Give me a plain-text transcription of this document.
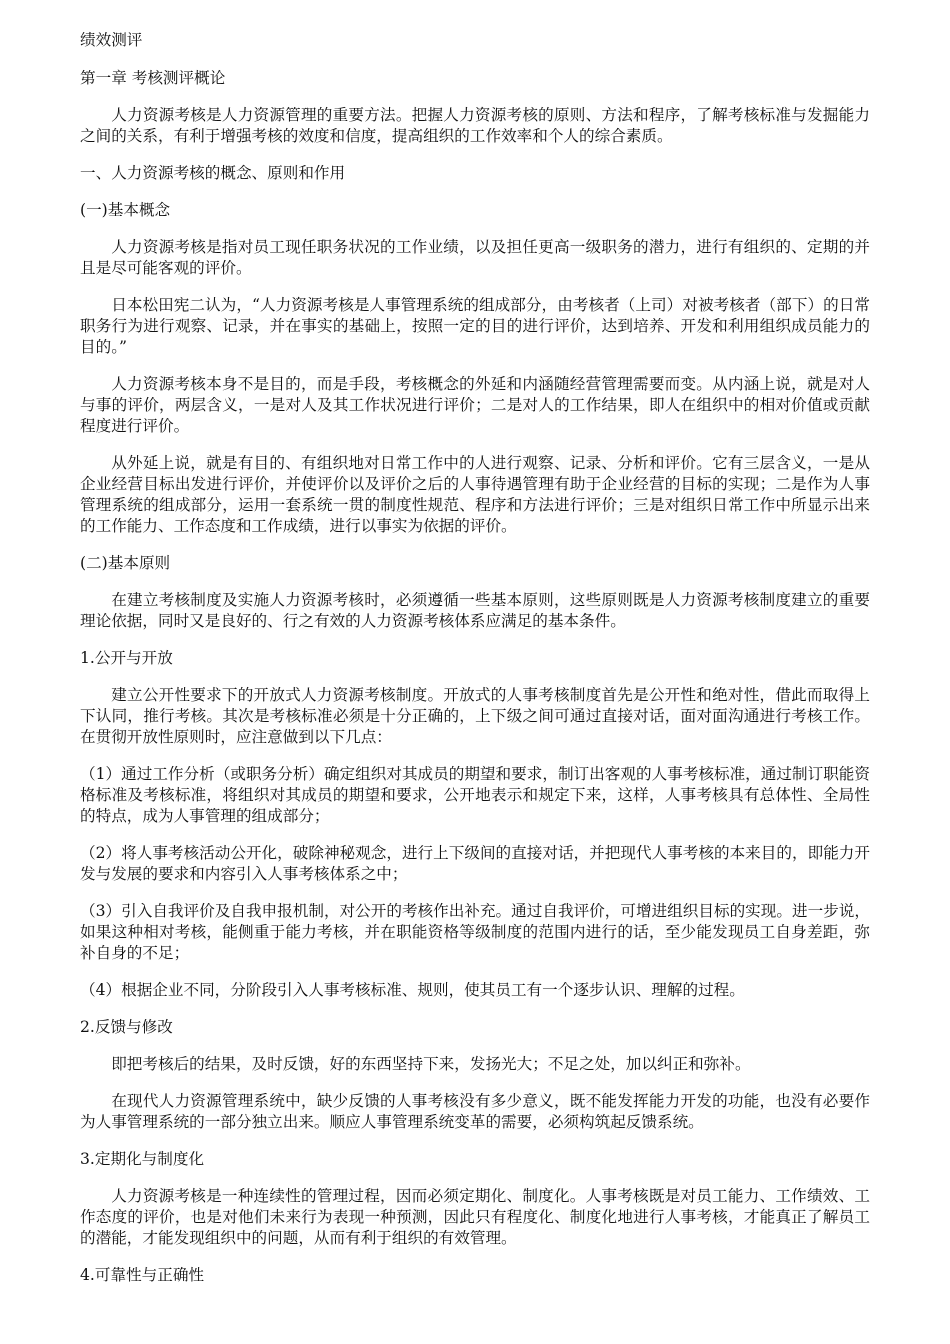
绩效测评
第一章 考核测评概论

人力资源考核是人力资源管理的重要方法。把握人力资源考核的原则、方法和程序，了解考核标准与发掘能力之间的关系，有利于增强考核的效度和信度，提高组织的工作效率和个人的综合素质。

一、人力资源考核的概念、原则和作用
(一)基本概念

人力资源考核是指对员工现任职务状况的工作业绩，以及担任更高一级职务的潜力，进行有组织的、定期的并且是尽可能客观的评价。

日本松田宪二认为，“人力资源考核是人事管理系统的组成部分，由考核者（上司）对被考核者（部下）的日常职务行为进行观察、记录，并在事实的基础上，按照一定的目的进行评价，达到培养、开发和利用组织成员能力的目的。”

人力资源考核本身不是目的，而是手段，考核概念的外延和内涵随经营管理需要而变。从内涵上说，就是对人与事的评价，两层含义，一是对人及其工作状况进行评价；二是对人的工作结果，即人在组织中的相对价值或贡献程度进行评价。

从外延上说，就是有目的、有组织地对日常工作中的人进行观察、记录、分析和评价。它有三层含义，一是从企业经营目标出发进行评价，并使评价以及评价之后的人事待遇管理有助于企业经营的目标的实现；二是作为人事管理系统的组成部分，运用一套系统一贯的制度性规范、程序和方法进行评价；三是对组织日常工作中所显示出来的工作能力、工作态度和工作成绩，进行以事实为依据的评价。

(二)基本原则

在建立考核制度及实施人力资源考核时，必须遵循一些基本原则，这些原则既是人力资源考核制度建立的重要理论依据，同时又是良好的、行之有效的人力资源考核体系应满足的基本条件。

1.公开与开放

建立公开性要求下的开放式人力资源考核制度。开放式的人事考核制度首先是公开性和绝对性，借此而取得上下认同，推行考核。其次是考核标准必须是十分正确的，上下级之间可通过直接对话，面对面沟通进行考核工作。在贯彻开放性原则时，应注意做到以下几点：

（1）通过工作分析（或职务分析）确定组织对其成员的期望和要求，制订出客观的人事考核标准，通过制订职能资格标准及考核标准，将组织对其成员的期望和要求，公开地表示和规定下来，这样，人事考核具有总体性、全局性的特点，成为人事管理的组成部分；

（2）将人事考核活动公开化，破除神秘观念，进行上下级间的直接对话，并把现代人事考核的本来目的，即能力开发与发展的要求和内容引入人事考核体系之中；

（3）引入自我评价及自我申报机制，对公开的考核作出补充。通过自我评价，可增进组织目标的实现。进一步说，如果这种相对考核，能侧重于能力考核，并在职能资格等级制度的范围内进行的话，至少能发现员工自身差距，弥补自身的不足；

（4）根据企业不同，分阶段引入人事考核标准、规则，使其员工有一个逐步认识、理解的过程。

2.反馈与修改

即把考核后的结果，及时反馈，好的东西坚持下来，发扬光大；不足之处，加以纠正和弥补。

在现代人力资源管理系统中，缺少反馈的人事考核没有多少意义，既不能发挥能力开发的功能，也没有必要作为人事管理系统的一部分独立出来。顺应人事管理系统变革的需要，必须构筑起反馈系统。

3.定期化与制度化

人力资源考核是一种连续性的管理过程，因而必须定期化、制度化。人事考核既是对员工能力、工作绩效、工作态度的评价，也是对他们未来行为表现一种预测，因此只有程度化、制度化地进行人事考核，才能真正了解员工的潜能，才能发现组织中的问题，从而有利于组织的有效管理。

4.可靠性与正确性
